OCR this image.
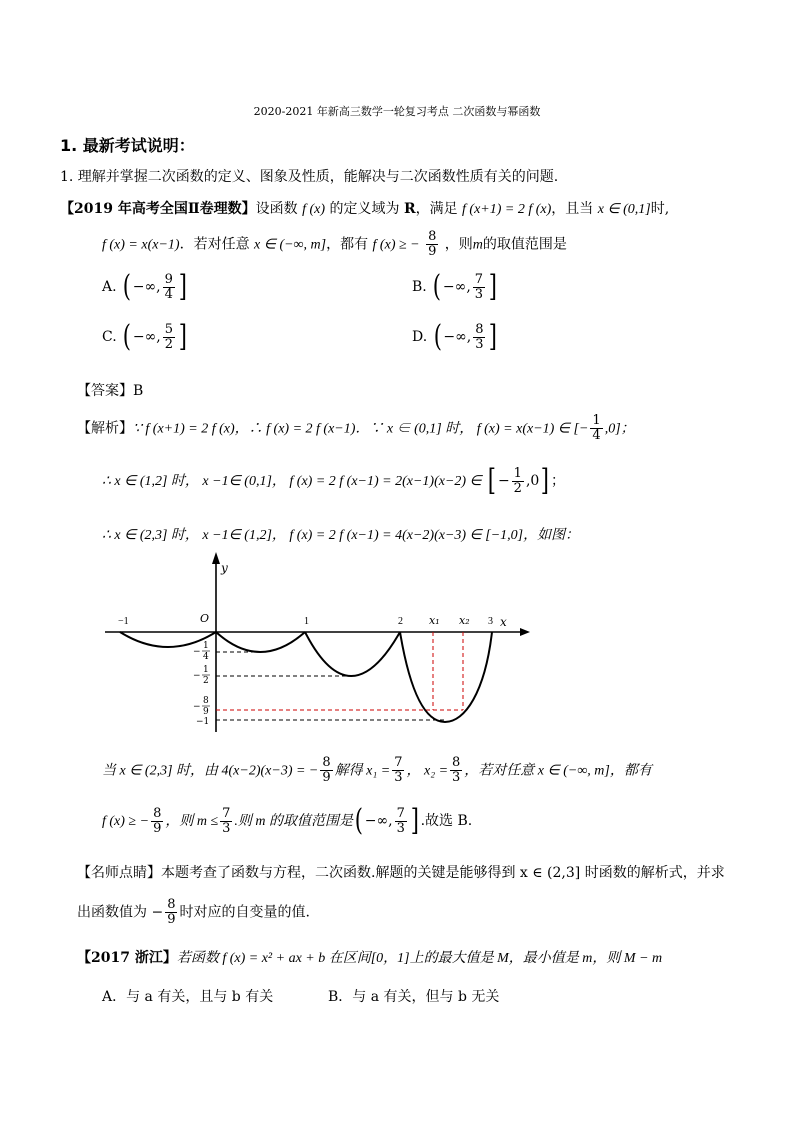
2020-2021 年新高三数学一轮复习考点 二次函数与幂函数
1. 最新考试说明：
1. 理解并掌握二次函数的定义、图象及性质，能解决与二次函数性质有关的问题.
【2019 年高考全国Ⅱ卷理数】设函数 f (x) 的定义域为 R，满足 f (x+1) = 2 f (x)，且当 x ∈ (0,1]时,
f (x) = x(x−1)．若对任意 x ∈ (−∞, m]，都有 f (x) ≥ − $\frac{8}{9}$ ，则m的取值范围是
A. ( −∞, $\frac{9}{4}$ ]	B. ( −∞, $\frac{7}{3}$ ]
C. ( −∞, $\frac{5}{2}$ ]	D. ( −∞, $\frac{8}{3}$ ]
【答案】B
【解析】∵ f (x+1) = 2 f (x)，∴ f (x) = 2 f (x−1)．∵ x ∈ (0,1] 时， f (x) = x(x−1) ∈ [− $\frac{1}{4} ,0$]；
∴ x ∈ (1,2] 时， x −1∈ (0,1]， f (x) = 2 f (x−1) = 2(x−1)(x−2) ∈ [ − $\frac{1}{2} ,0$] ；
∴ x ∈ (2,3] 时， x −1∈ (1,2]， f (x) = 2 f (x−1) = 4(x−2)(x−3) ∈ [−1,0]，如图：
−1	1	2	3
O
y
x
x₁ x₂
−
1
4
−
1
2
−
8
9
−1
当 x ∈ (2,3] 时，由 4(x−2)(x−3) = − $\frac{8}{9}$ 解得 $x_1 = \frac{7}{3}$ ， $x_2 = \frac{8}{3}$ ，若对任意 x ∈ (−∞, m]，都有
f (x) ≥ − $\frac{8}{9}$ ，则 $m \le \frac{7}{3}$ .则 m 的取值范围是( −∞, $\frac{7}{3}$ ] .故选 B.
【名师点睛】本题考查了函数与方程，二次函数.解题的关键是能够得到 x ∈ (2,3] 时函数的解析式，并求
出函数值为 − $\frac{8}{9}$ 时对应的自变量的值.
【2017 浙江】若函数 f (x) = x² + ax + b 在区间[0，1]上的最大值是 M，最小值是 m，则 M − m
A．与 a 有关，且与 b 有关	B．与 a 有关，但与 b 无关
